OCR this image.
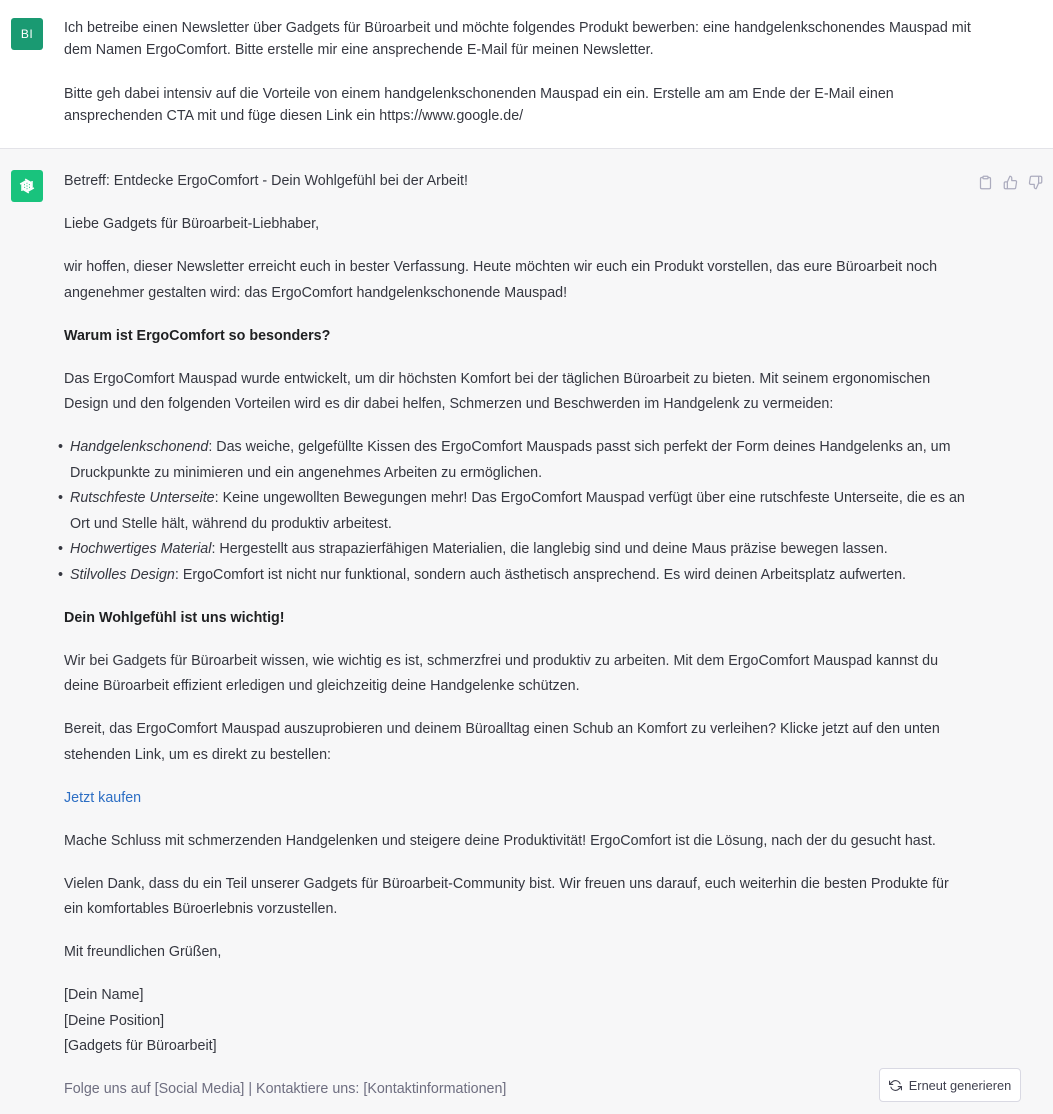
BI	Ich betreibe einen Newsletter über Gadgets für Büroarbeit und möchte folgendes Produkt bewerben: eine handgelenkschonendes Mauspad mit dem Namen ErgoComfort. Bitte erstelle mir eine ansprechende E-Mail für meinen Newsletter.

Bitte geh dabei intensiv auf die Vorteile von einem handgelenkschonenden Mauspad ein ein. Erstelle am am Ende der E-Mail einen ansprechenden CTA mit und füge diesen Link ein https://www.google.de/

Betreff: Entdecke ErgoComfort - Dein Wohlgefühl bei der Arbeit!

Liebe Gadgets für Büroarbeit-Liebhaber,

wir hoffen, dieser Newsletter erreicht euch in bester Verfassung. Heute möchten wir euch ein Produkt vorstellen, das eure Büroarbeit noch angenehmer gestalten wird: das ErgoComfort handgelenkschonende Mauspad!

Warum ist ErgoComfort so besonders?

Das ErgoComfort Mauspad wurde entwickelt, um dir höchsten Komfort bei der täglichen Büroarbeit zu bieten. Mit seinem ergonomischen Design und den folgenden Vorteilen wird es dir dabei helfen, Schmerzen und Beschwerden im Handgelenk zu vermeiden:

• Handgelenkschonend: Das weiche, gelgefüllte Kissen des ErgoComfort Mauspads passt sich perfekt der Form deines Handgelenks an, um Druckpunkte zu minimieren und ein angenehmes Arbeiten zu ermöglichen.
• Rutschfeste Unterseite: Keine ungewollten Bewegungen mehr! Das ErgoComfort Mauspad verfügt über eine rutschfeste Unterseite, die es an Ort und Stelle hält, während du produktiv arbeitest.
• Hochwertiges Material: Hergestellt aus strapazierfähigen Materialien, die langlebig sind und deine Maus präzise bewegen lassen.
• Stilvolles Design: ErgoComfort ist nicht nur funktional, sondern auch ästhetisch ansprechend. Es wird deinen Arbeitsplatz aufwerten.

Dein Wohlgefühl ist uns wichtig!

Wir bei Gadgets für Büroarbeit wissen, wie wichtig es ist, schmerzfrei und produktiv zu arbeiten. Mit dem ErgoComfort Mauspad kannst du deine Büroarbeit effizient erledigen und gleichzeitig deine Handgelenke schützen.

Bereit, das ErgoComfort Mauspad auszuprobieren und deinem Büroalltag einen Schub an Komfort zu verleihen? Klicke jetzt auf den unten stehenden Link, um es direkt zu bestellen:

Jetzt kaufen

Mache Schluss mit schmerzenden Handgelenken und steigere deine Produktivität! ErgoComfort ist die Lösung, nach der du gesucht hast.

Vielen Dank, dass du ein Teil unserer Gadgets für Büroarbeit-Community bist. Wir freuen uns darauf, euch weiterhin die besten Produkte für ein komfortables Büroerlebnis vorzustellen.

Mit freundlichen Grüßen,

[Dein Name]

[Deine Position]

[Gadgets für Büroarbeit]

Folge uns auf [Social Media] | Kontaktiere uns: [Kontaktinformationen]	Erneut generieren
